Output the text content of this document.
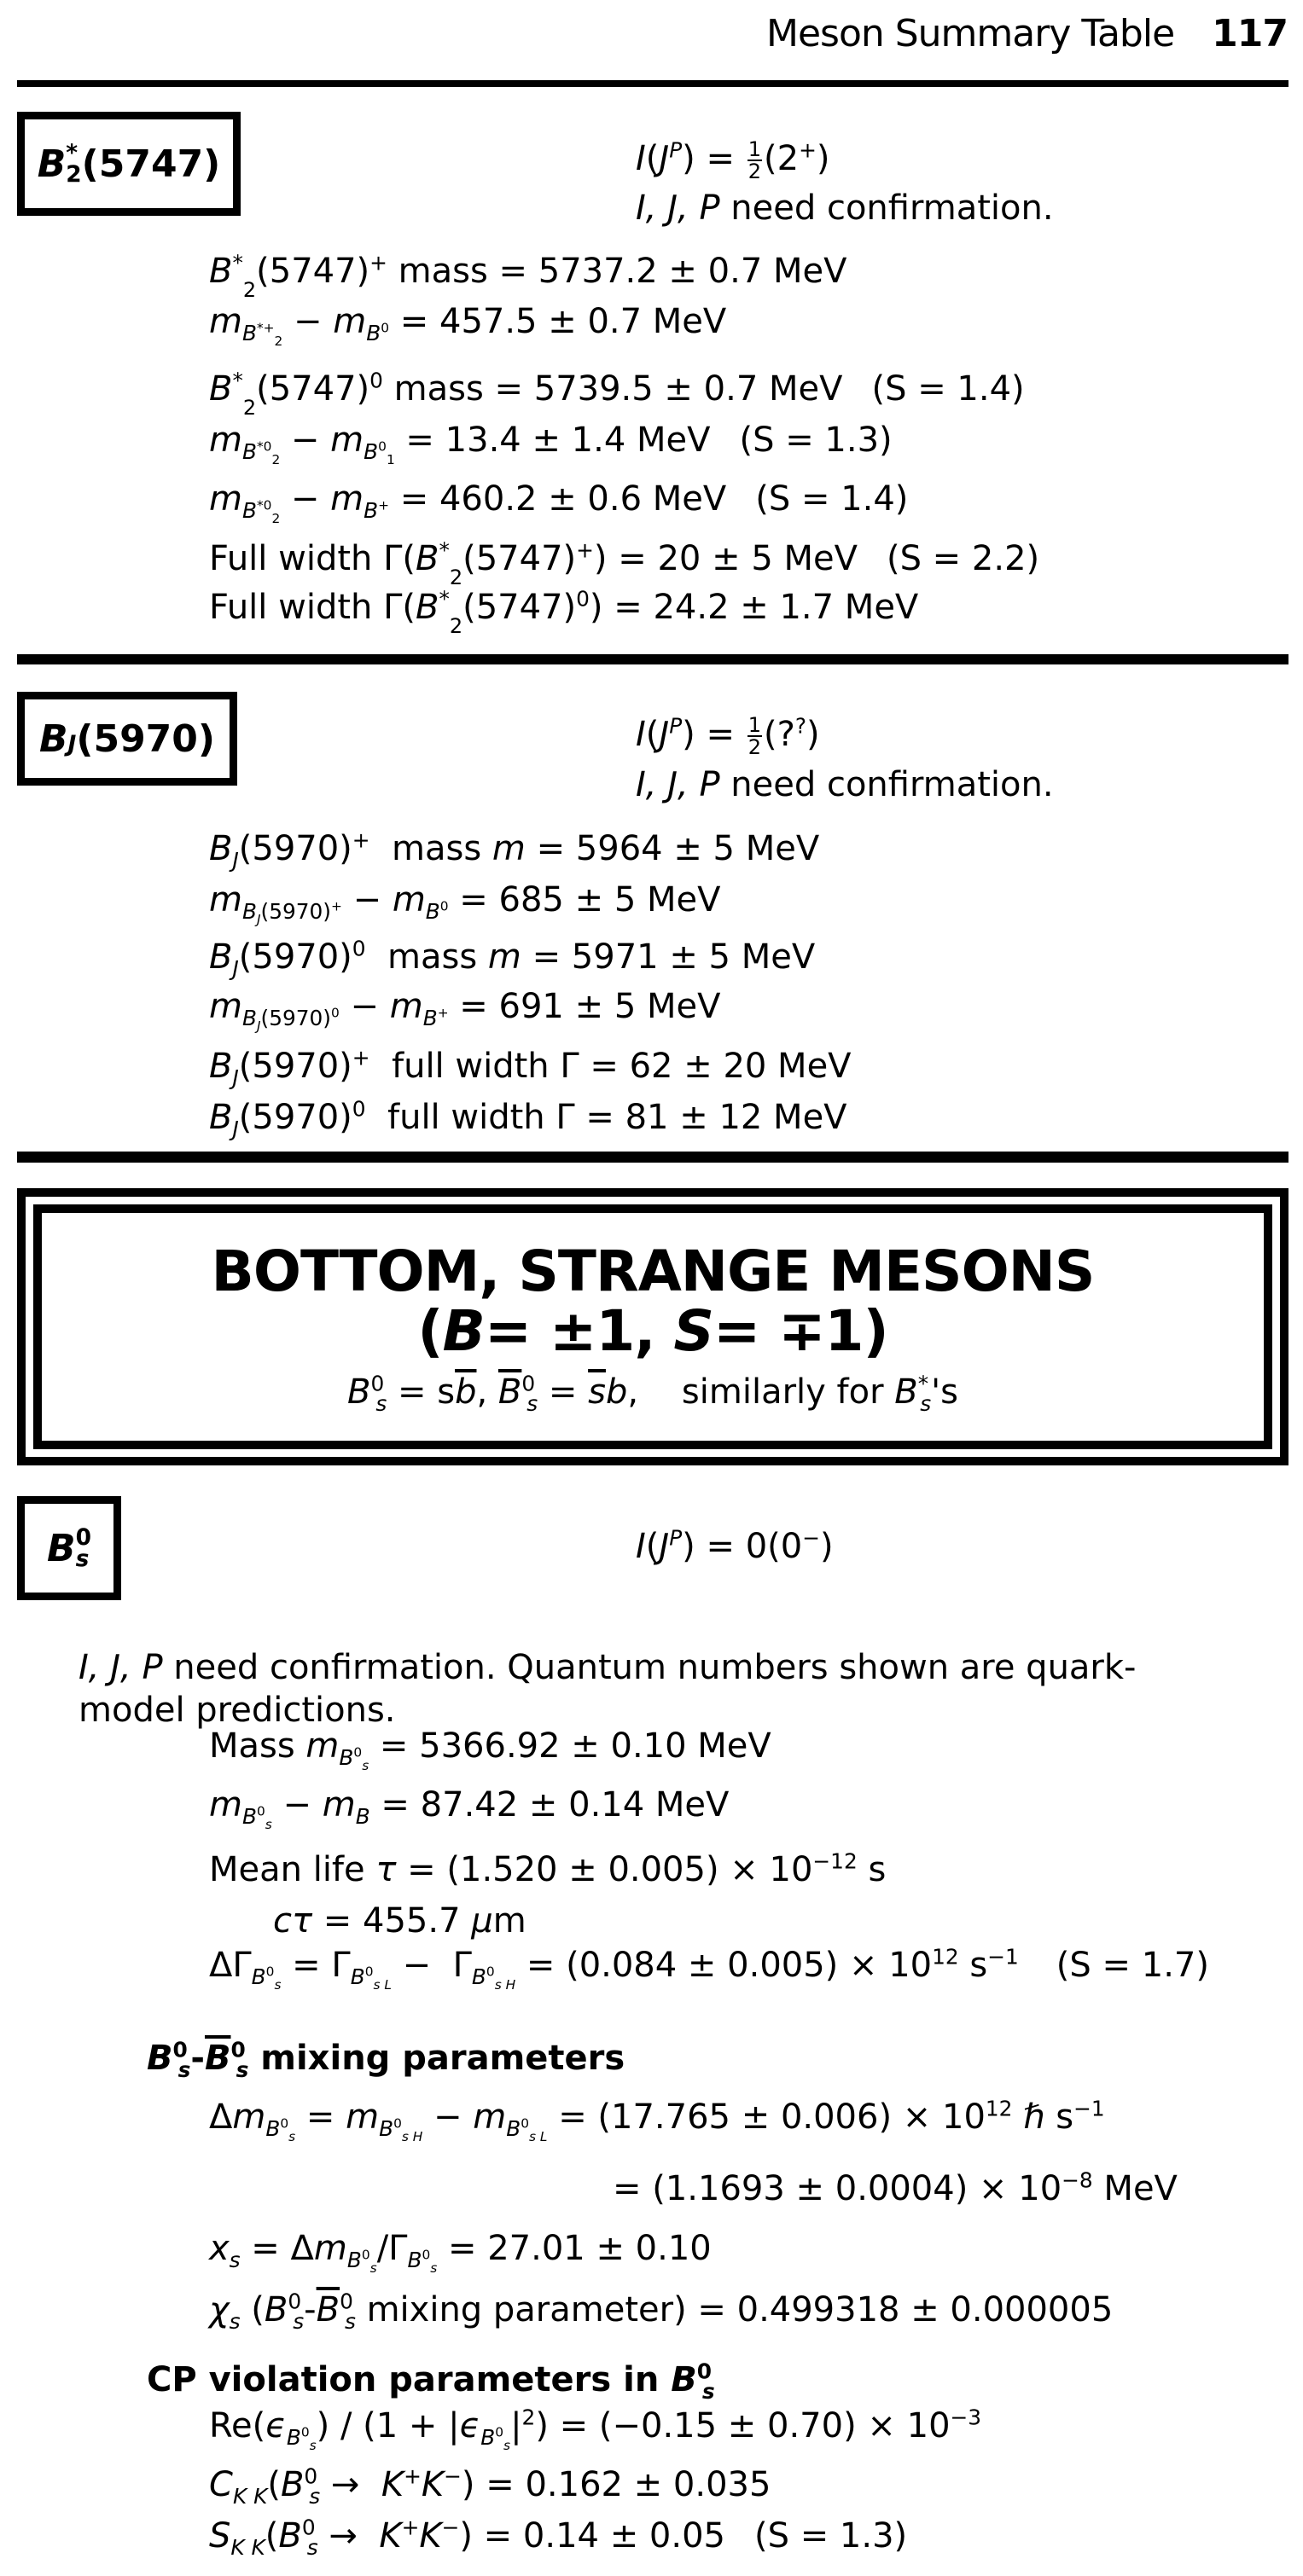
Meson Summary Table 117
B *
2 (5747)	$I(J^P) = \frac{1}{2} (2^+)$
I, J, P need confirmation.
$B^*_2(5747)^+$ mass = 5737.2 ± 0.7 MeV
$m_{B^{*+}_2} - m_{B^0} = 457.5 \pm 0.7$ MeV
$B^*_2(5747)^0$ mass = 5739.5 ± 0.7 MeV (S = 1.4)
$m_{B^{*0}_2} - m_{B^0_1} = 13.4 \pm 1.4$ MeV (S = 1.3)
$m_{B^{*0}_2} - m_{B^+} = 460.2 \pm 0.6$ MeV (S = 1.4)
Full width $\Gamma(B^*_2(5747)^+) = 20 \pm 5$ MeV (S = 2.2)
Full width $\Gamma(B^*_2(5747)^0) = 24.2 \pm 1.7$ MeV
$B_J$ (5970)	$I(J^P) = \frac{1}{2}$ (??)
I, J, P need confirmation.
$B_J(5970)^+$  mass m = 5964 ± 5 MeV
$m_{B_J(5970)^+} - m_{B^0} = 685 \pm 5$ MeV
$B_J(5970)^0$  mass m = 5971 ± 5 MeV
$m_{B_J(5970)^0} - m_{B^+} = 691 \pm 5$ MeV
$B_J(5970)^+$  full width Γ = 62 ± 20 MeV
$B_J(5970)^0$  full width Γ = 81 ± 12 MeV
BOTTOM, STRANGE MESONS
(B= ±1, S= ∓1)
$B^0_s = s\overline{b}$, $\overline{B}^0_s = \overline{s}b$,    similarly for $B^*_s's$
B 0
s	$I(J^P) = 0(0^-)$
I, J, P need confirmation. Quantum numbers shown are quark-model predictions.
Mass $m_{B^0_s} = 5366.92 \pm 0.10$ MeV
$m_{B^0_s} - m_B = 87.42 \pm 0.14$ MeV
Mean life $\tau = (1.520 \pm 0.005) \times 10^{-12}$ s
cτ = 455.7 μm
$\Delta\Gamma_{B^0_s} = \Gamma_{B^0_{s L}} - \Gamma_{B^0_{s H}} = (0.084 \pm 0.005) \times 10^{12}$ $s^{-1}$ (S = 1.7)
$B^0_s-\overline{B}^0_s$ mixing parameters
$\Delta m_{B^0_s} = m_{B^0_{s H}} - m_{B^0_{s L}} = (17.765 \pm 0.006) \times 10^{12}$ ℏ $s^{-1}$
= $(1.1693 \pm 0.0004) \times 10^{-8}$ MeV
$x_s = \Delta m_{B^0_s}/\Gamma_{B^0_s} = 27.01 \pm 0.10$
$\chi_s$ ($B^0_s-\overline{B}^0_s$ mixing parameter) = 0.499318 ± 0.000005
CP violation parameters in $B^0_s$
$Re(\epsilon_{B^0_s}) / (1 + |\epsilon_{B^0_s}|^2) = (-0.15 \pm 0.70) \times 10^{-3}$
$C_{K K}(B^0_s \to K^+K^-) = 0.162 \pm 0.035$
$S_{K K}(B^0_s \to K^+K^-) = 0.14 \pm 0.05$ (S = 1.3)
